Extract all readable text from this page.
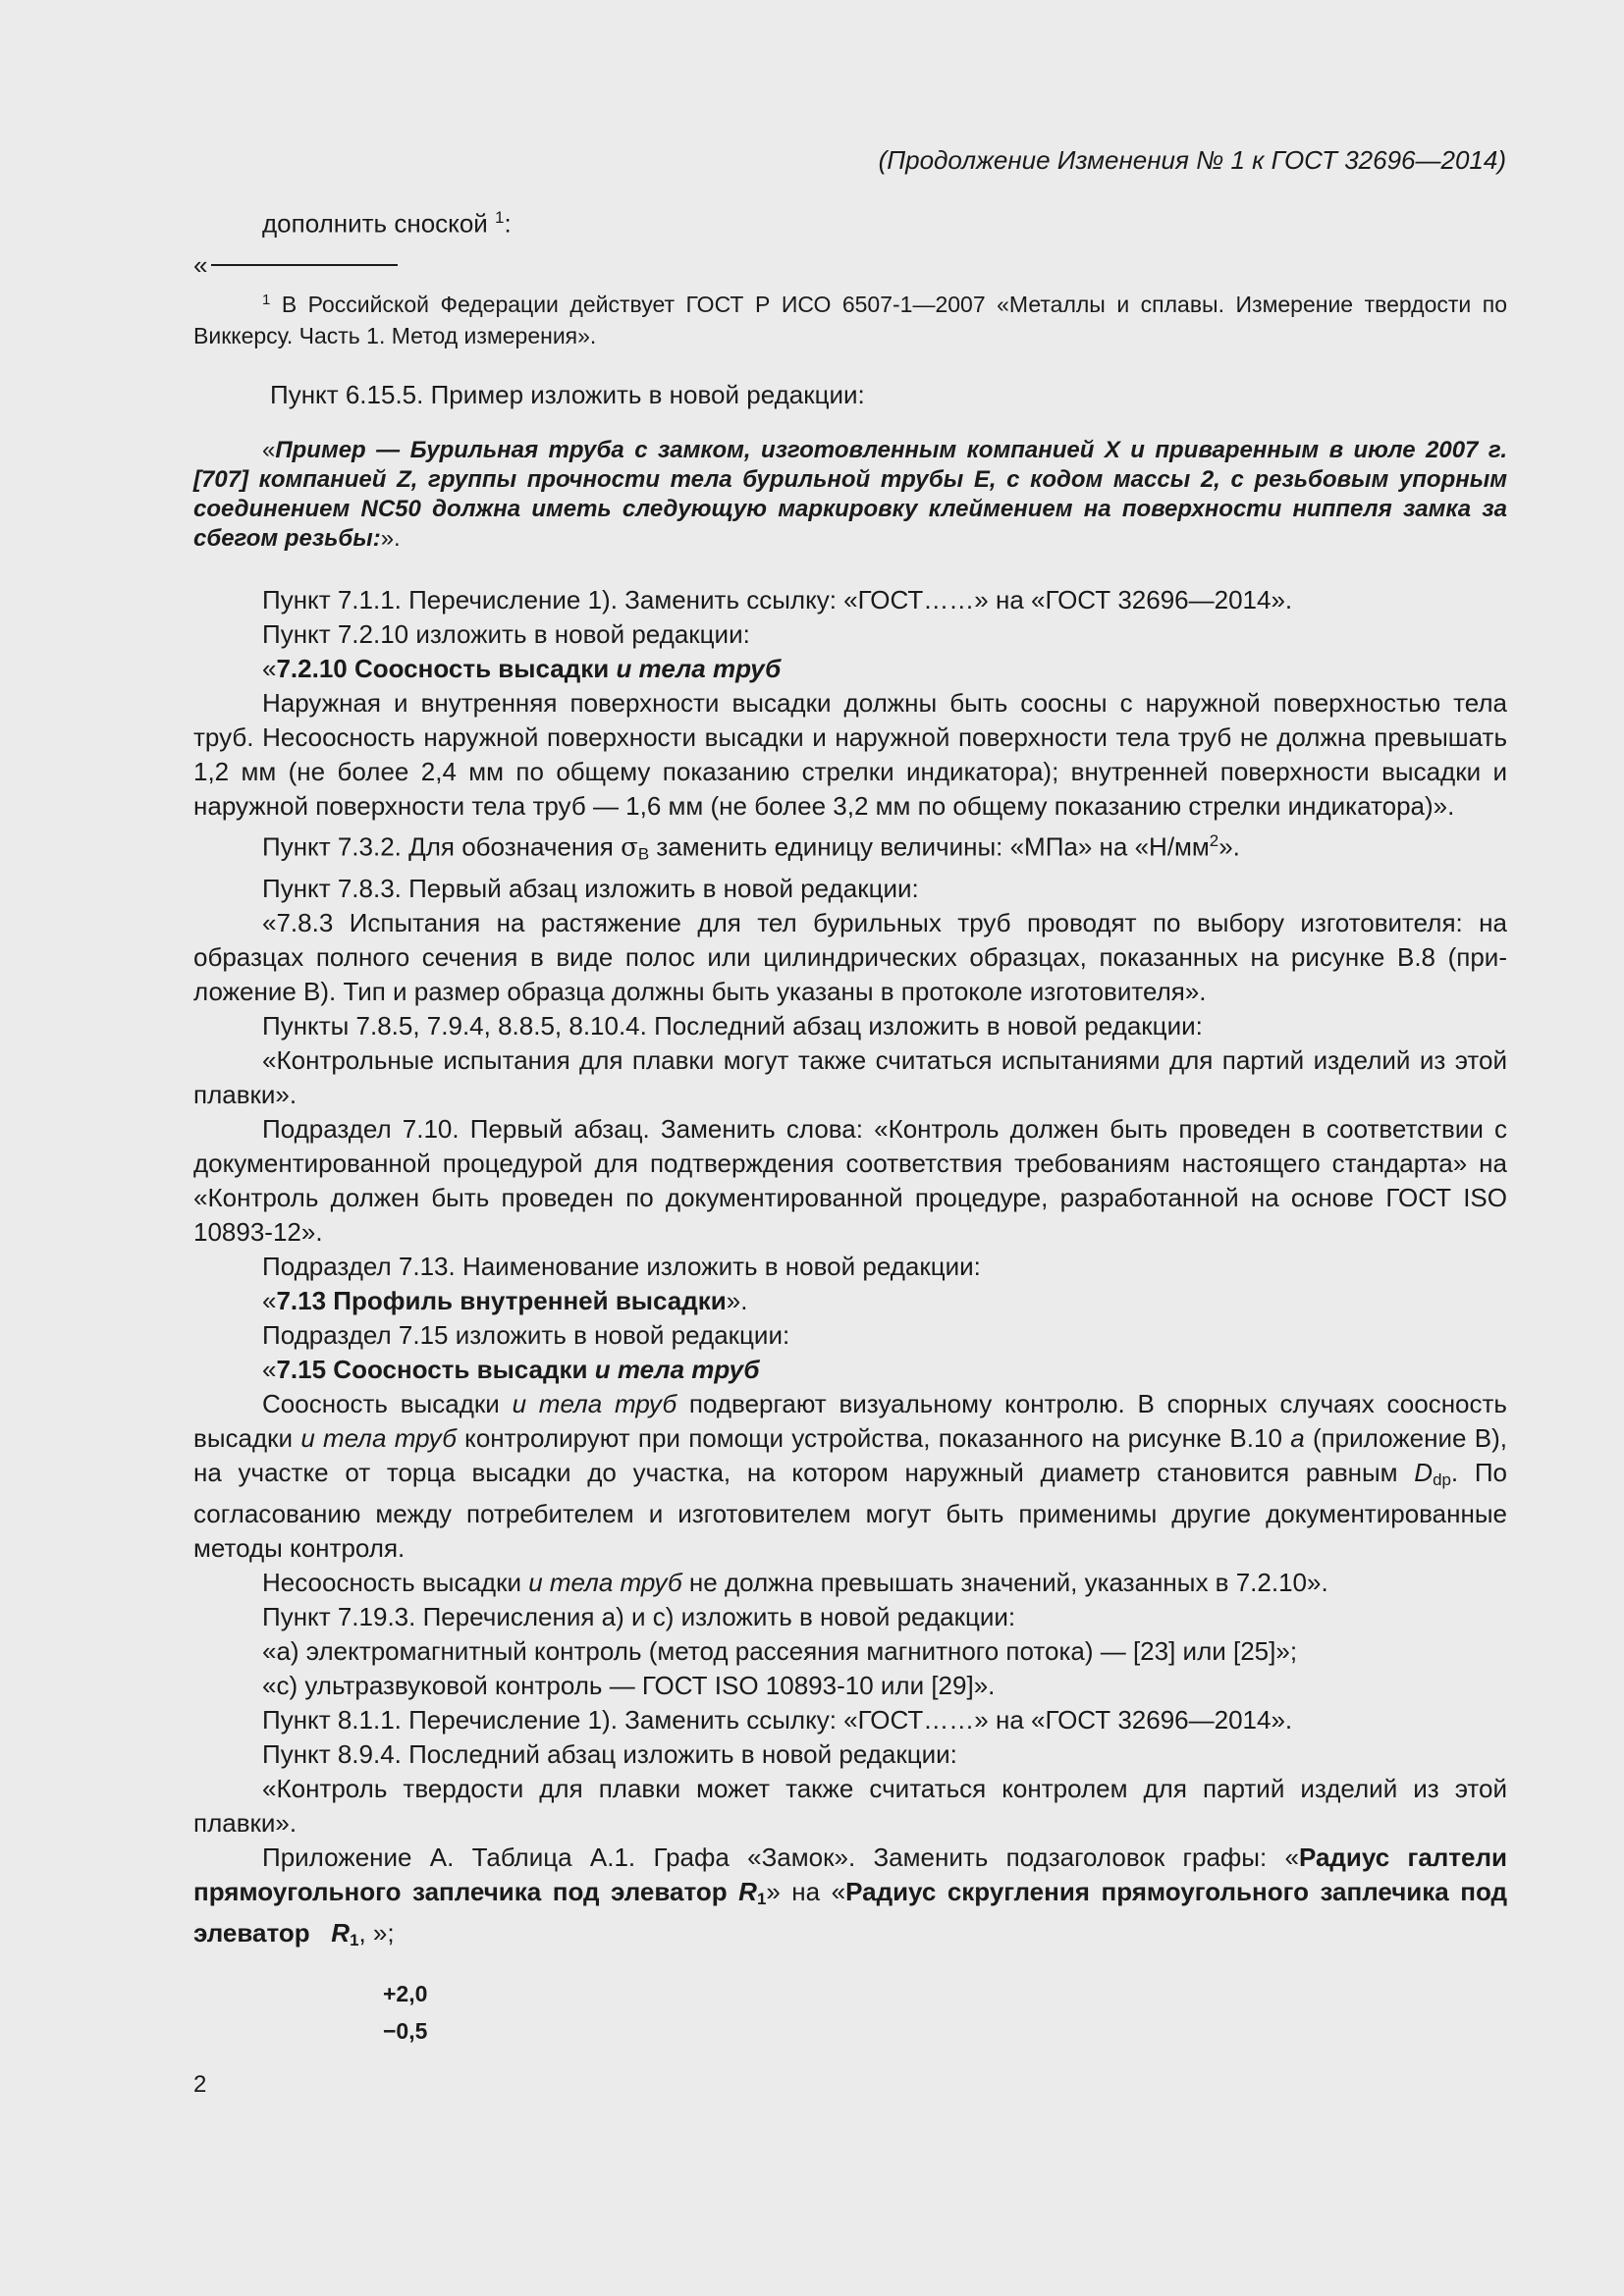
(Продолжение Изменения № 1 к ГОСТ 32696—2014)
дополнить сноской $^1$:
«

$^1$ В Российской Федерации действует ГОСТ Р ИСО 6507-1—2007 «Металлы и сплавы. Измерение твердости по Виккерсу. Часть 1. Метод измерения».

Пункт 6.15.5. Пример изложить в новой редакции:

«Пример — Бурильная труба с замком, изготовленным компанией X и приваренным в июле 2007 г. [707] компанией Z, группы прочности тела бурильной трубы E, с кодом массы 2, с резьбовым упорным соединением NC50 должна иметь следующую маркировку клеймением на поверхности ниппеля замка за сбегом резьбы:».

Пункт 7.1.1. Перечисление 1). Заменить ссылку: «ГОСТ……» на «ГОСТ 32696—2014».

Пункт 7.2.10 изложить в новой редакции:

«7.2.10 Соосность высадки и тела труб

Наружная и внутренняя поверхности высадки должны быть соосны с наружной поверхностью тела труб. Несоосность наружной поверхности высадки и наружной поверхности тела труб не должна превышать 1,2 мм (не более 2,4 мм по общему показанию стрелки индикатора); внутренней поверхности высадки и наружной поверхности тела труб — 1,6 мм (не более 3,2 мм по общему показанию стрелки индикатора)».

Пункт 7.3.2. Для обозначения $\sigma_B$ заменить единицу величины: «МПа» на «$Н/мм^2$».

Пункт 7.8.3. Первый абзац изложить в новой редакции:

«7.8.3 Испытания на растяжение для тел бурильных труб проводят по выбору изготовителя: на образцах полного сечения в виде полос или цилиндрических образцах, показанных на рисунке В.8 (приложение В). Тип и размер образца должны быть указаны в протоколе изготовителя».

Пункты 7.8.5, 7.9.4, 8.8.5, 8.10.4. Последний абзац изложить в новой редакции:

«Контрольные испытания для плавки могут также считаться испытаниями для партий изделий из этой плавки».

Подраздел 7.10. Первый абзац. Заменить слова: «Контроль должен быть проведен в соответствии с документированной процедурой для подтверждения соответствия требованиям настоящего стандарта» на «Контроль должен быть проведен по документированной процедуре, разработанной на основе ГОСТ ISO 10893-12».

Подраздел 7.13. Наименование изложить в новой редакции:

«7.13 Профиль внутренней высадки».

Подраздел 7.15 изложить в новой редакции:

«7.15 Соосность высадки и тела труб

Соосность высадки и тела труб подвергают визуальному контролю. В спорных случаях соосность высадки и тела труб контролируют при помощи устройства, показанного на рисунке В.10 а (приложение В), на участке от торца высадки до участка, на котором наружный диаметр становится равным $D_{dp}$. По согласованию между потребителем и изготовителем могут быть применимы другие документированные методы контроля.

Несоосность высадки и тела труб не должна превышать значений, указанных в 7.2.10».

Пункт 7.19.3. Перечисления а) и с) изложить в новой редакции:

«а) электромагнитный контроль (метод рассеяния магнитного потока) — [23] или [25]»;

«с) ультразвуковой контроль — ГОСТ ISO 10893-10 или [29]».

Пункт 8.1.1. Перечисление 1). Заменить ссылку: «ГОСТ……» на «ГОСТ 32696—2014».

Пункт 8.9.4. Последний абзац изложить в новой редакции:

«Контроль твердости для плавки может также считаться контролем для партий изделий из этой плавки».

Приложение А. Таблица А.1. Графа «Замок». Заменить подзаголовок графы: «Радиус галтели прямоугольного заплечика под элеватор $R_1$» на «Радиус скругления прямоугольного заплечика под элеватор $R_1$, »;

+2,0
−0,5
2
